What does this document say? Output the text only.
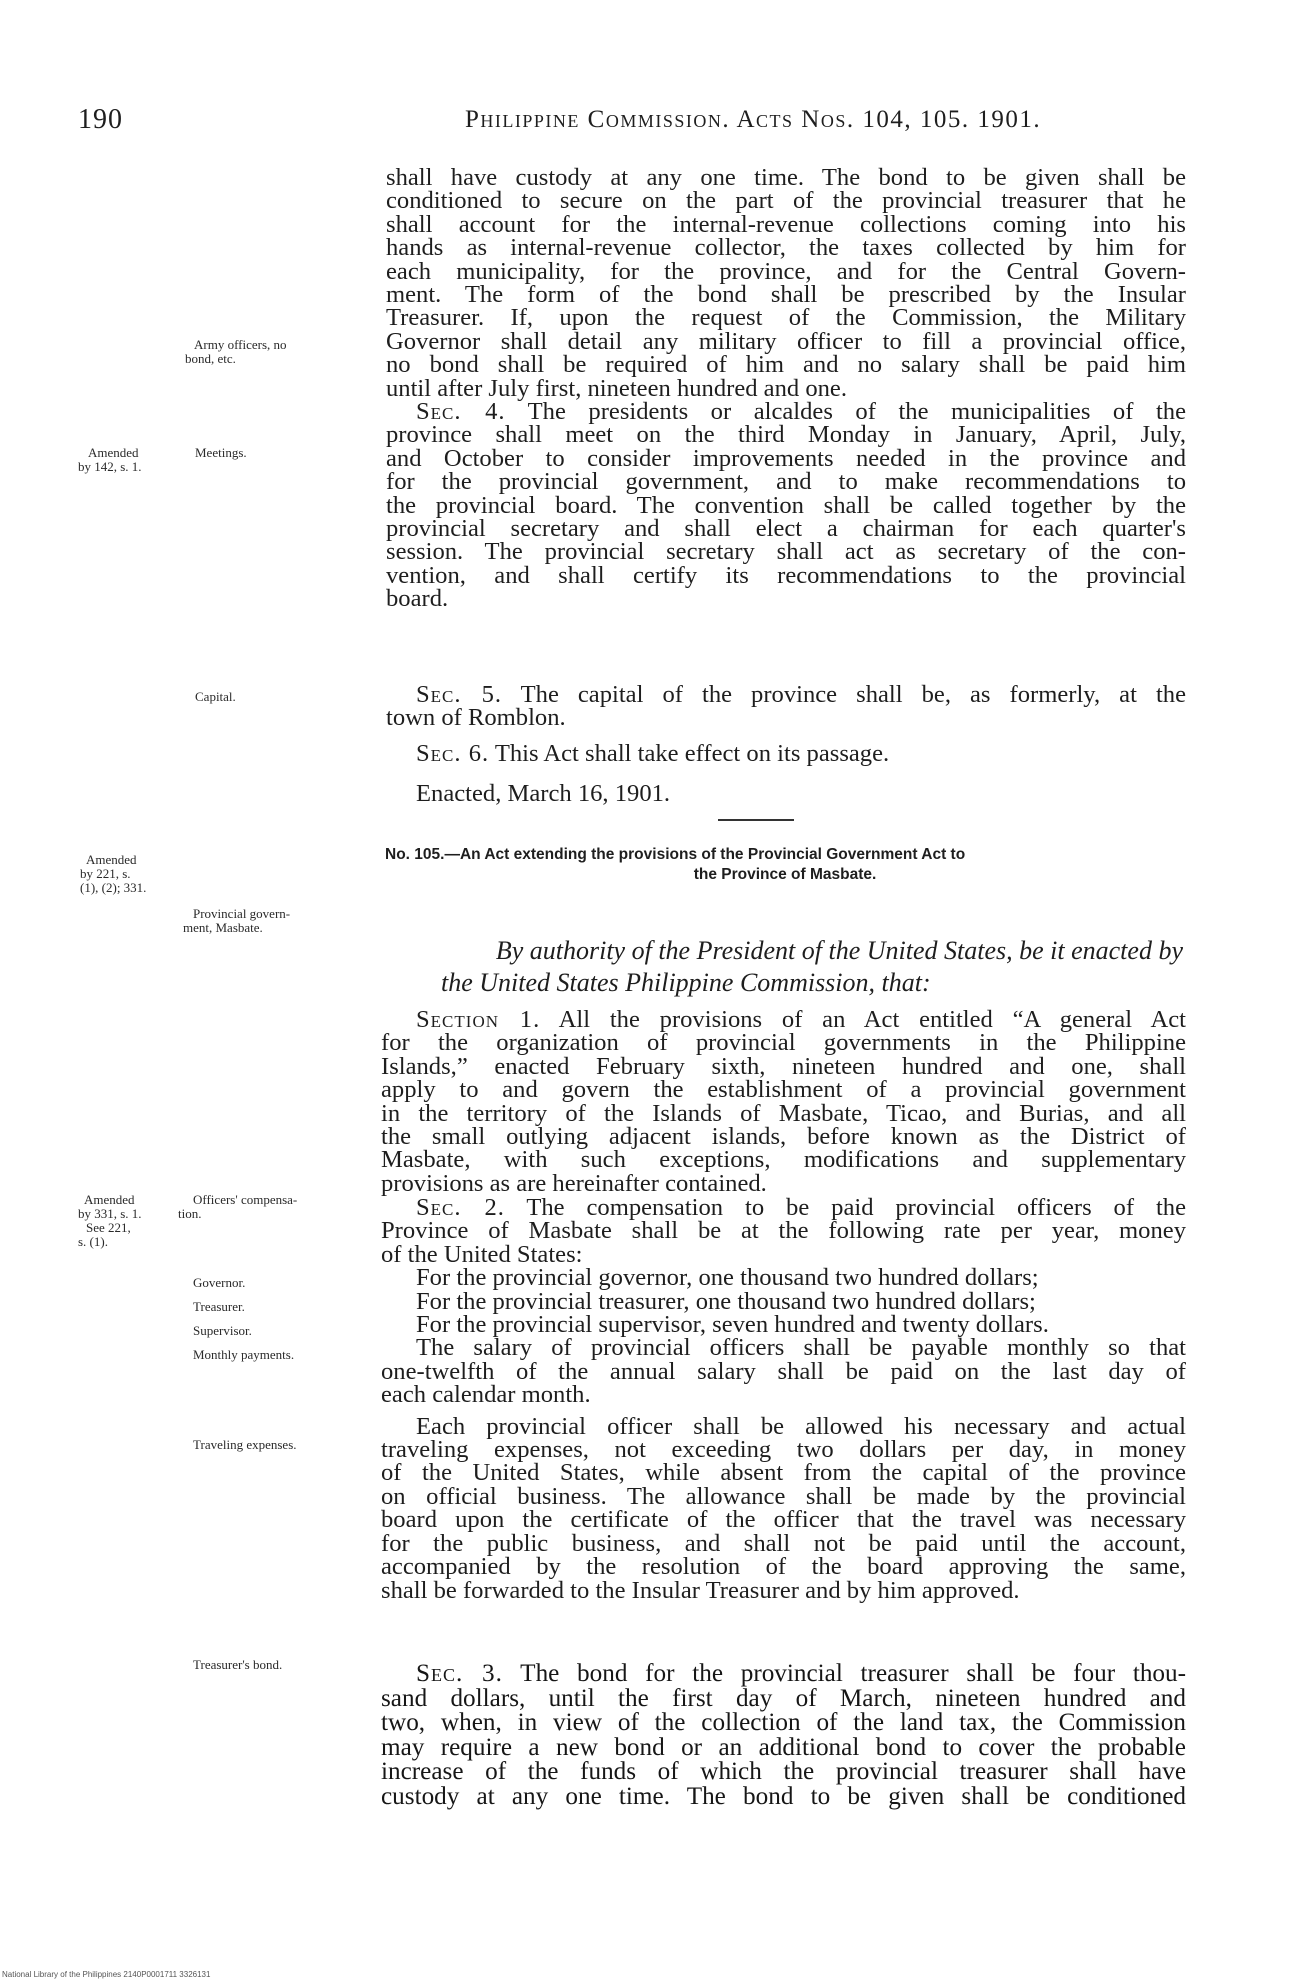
190	Philippine Commission. Acts Nos. 104, 105. 1901.
shall have custody at any one time. The bond to be given shall be
conditioned to secure on the part of the provincial treasurer that he
shall account for the internal-revenue collections coming into his
hands as internal-revenue collector, the taxes collected by him for
each municipality, for the province, and for the Central Govern-
ment. The form of the bond shall be prescribed by the Insular
Treasurer. If, upon the request of the Commission, the Military
Governor shall detail any military officer to fill a provincial office,
no bond shall be required of him and no salary shall be paid him
until after July first, nineteen hundred and one.
Sec. 4. The presidents or alcaldes of the municipalities of the
province shall meet on the third Monday in January, April, July,
and October to consider improvements needed in the province and
for the provincial government, and to make recommendations to
the provincial board. The convention shall be called together by the
provincial secretary and shall elect a chairman for each quarter's
session. The provincial secretary shall act as secretary of the con-
vention, and shall certify its recommendations to the provincial
board.
Sec. 5. The capital of the province shall be, as formerly, at the
town of Romblon.
Sec. 6. This Act shall take effect on its passage.
Enacted, March 16, 1901.
No. 105.—An Act extending the provisions of the Provincial Government Act to
the Province of Masbate.
By authority of the President of the United States, be it enacted by
the United States Philippine Commission, that:
Section 1. All the provisions of an Act entitled “A general Act
for the organization of provincial governments in the Philippine
Islands,” enacted February sixth, nineteen hundred and one, shall
apply to and govern the establishment of a provincial government
in the territory of the Islands of Masbate, Ticao, and Burias, and all
the small outlying adjacent islands, before known as the District of
Masbate, with such exceptions, modifications and supplementary
provisions as are hereinafter contained.
Sec. 2. The compensation to be paid provincial officers of the
Province of Masbate shall be at the following rate per year, money
of the United States:
For the provincial governor, one thousand two hundred dollars;
For the provincial treasurer, one thousand two hundred dollars;
For the provincial supervisor, seven hundred and twenty dollars.
The salary of provincial officers shall be payable monthly so that
one-twelfth of the annual salary shall be paid on the last day of
each calendar month.
Each provincial officer shall be allowed his necessary and actual
traveling expenses, not exceeding two dollars per day, in money
of the United States, while absent from the capital of the province
on official business. The allowance shall be made by the provincial
board upon the certificate of the officer that the travel was necessary
for the public business, and shall not be paid until the account,
accompanied by the resolution of the board approving the same,
shall be forwarded to the Insular Treasurer and by him approved.
Sec. 3. The bond for the provincial treasurer shall be four thou-
sand dollars, until the first day of March, nineteen hundred and
two, when, in view of the collection of the land tax, the Commission
may require a new bond or an additional bond to cover the probable
increase of the funds of which the provincial treasurer shall have
custody at any one time. The bond to be given shall be conditioned
Army officers, no
bond, etc.
Amended
by 142, s. 1.
Meetings.
Capital.
Amended
by 221, s.
(1), (2); 331.
Provincial govern-
ment, Masbate.
Amended
by 331, s. 1.
See 221,
s. (1).
Officers' compensa-
tion.
Governor.
Treasurer.
Supervisor.
Monthly payments.
Traveling expenses.
Treasurer's bond.
National Library of the Philippines 2140P0001711 3326131
